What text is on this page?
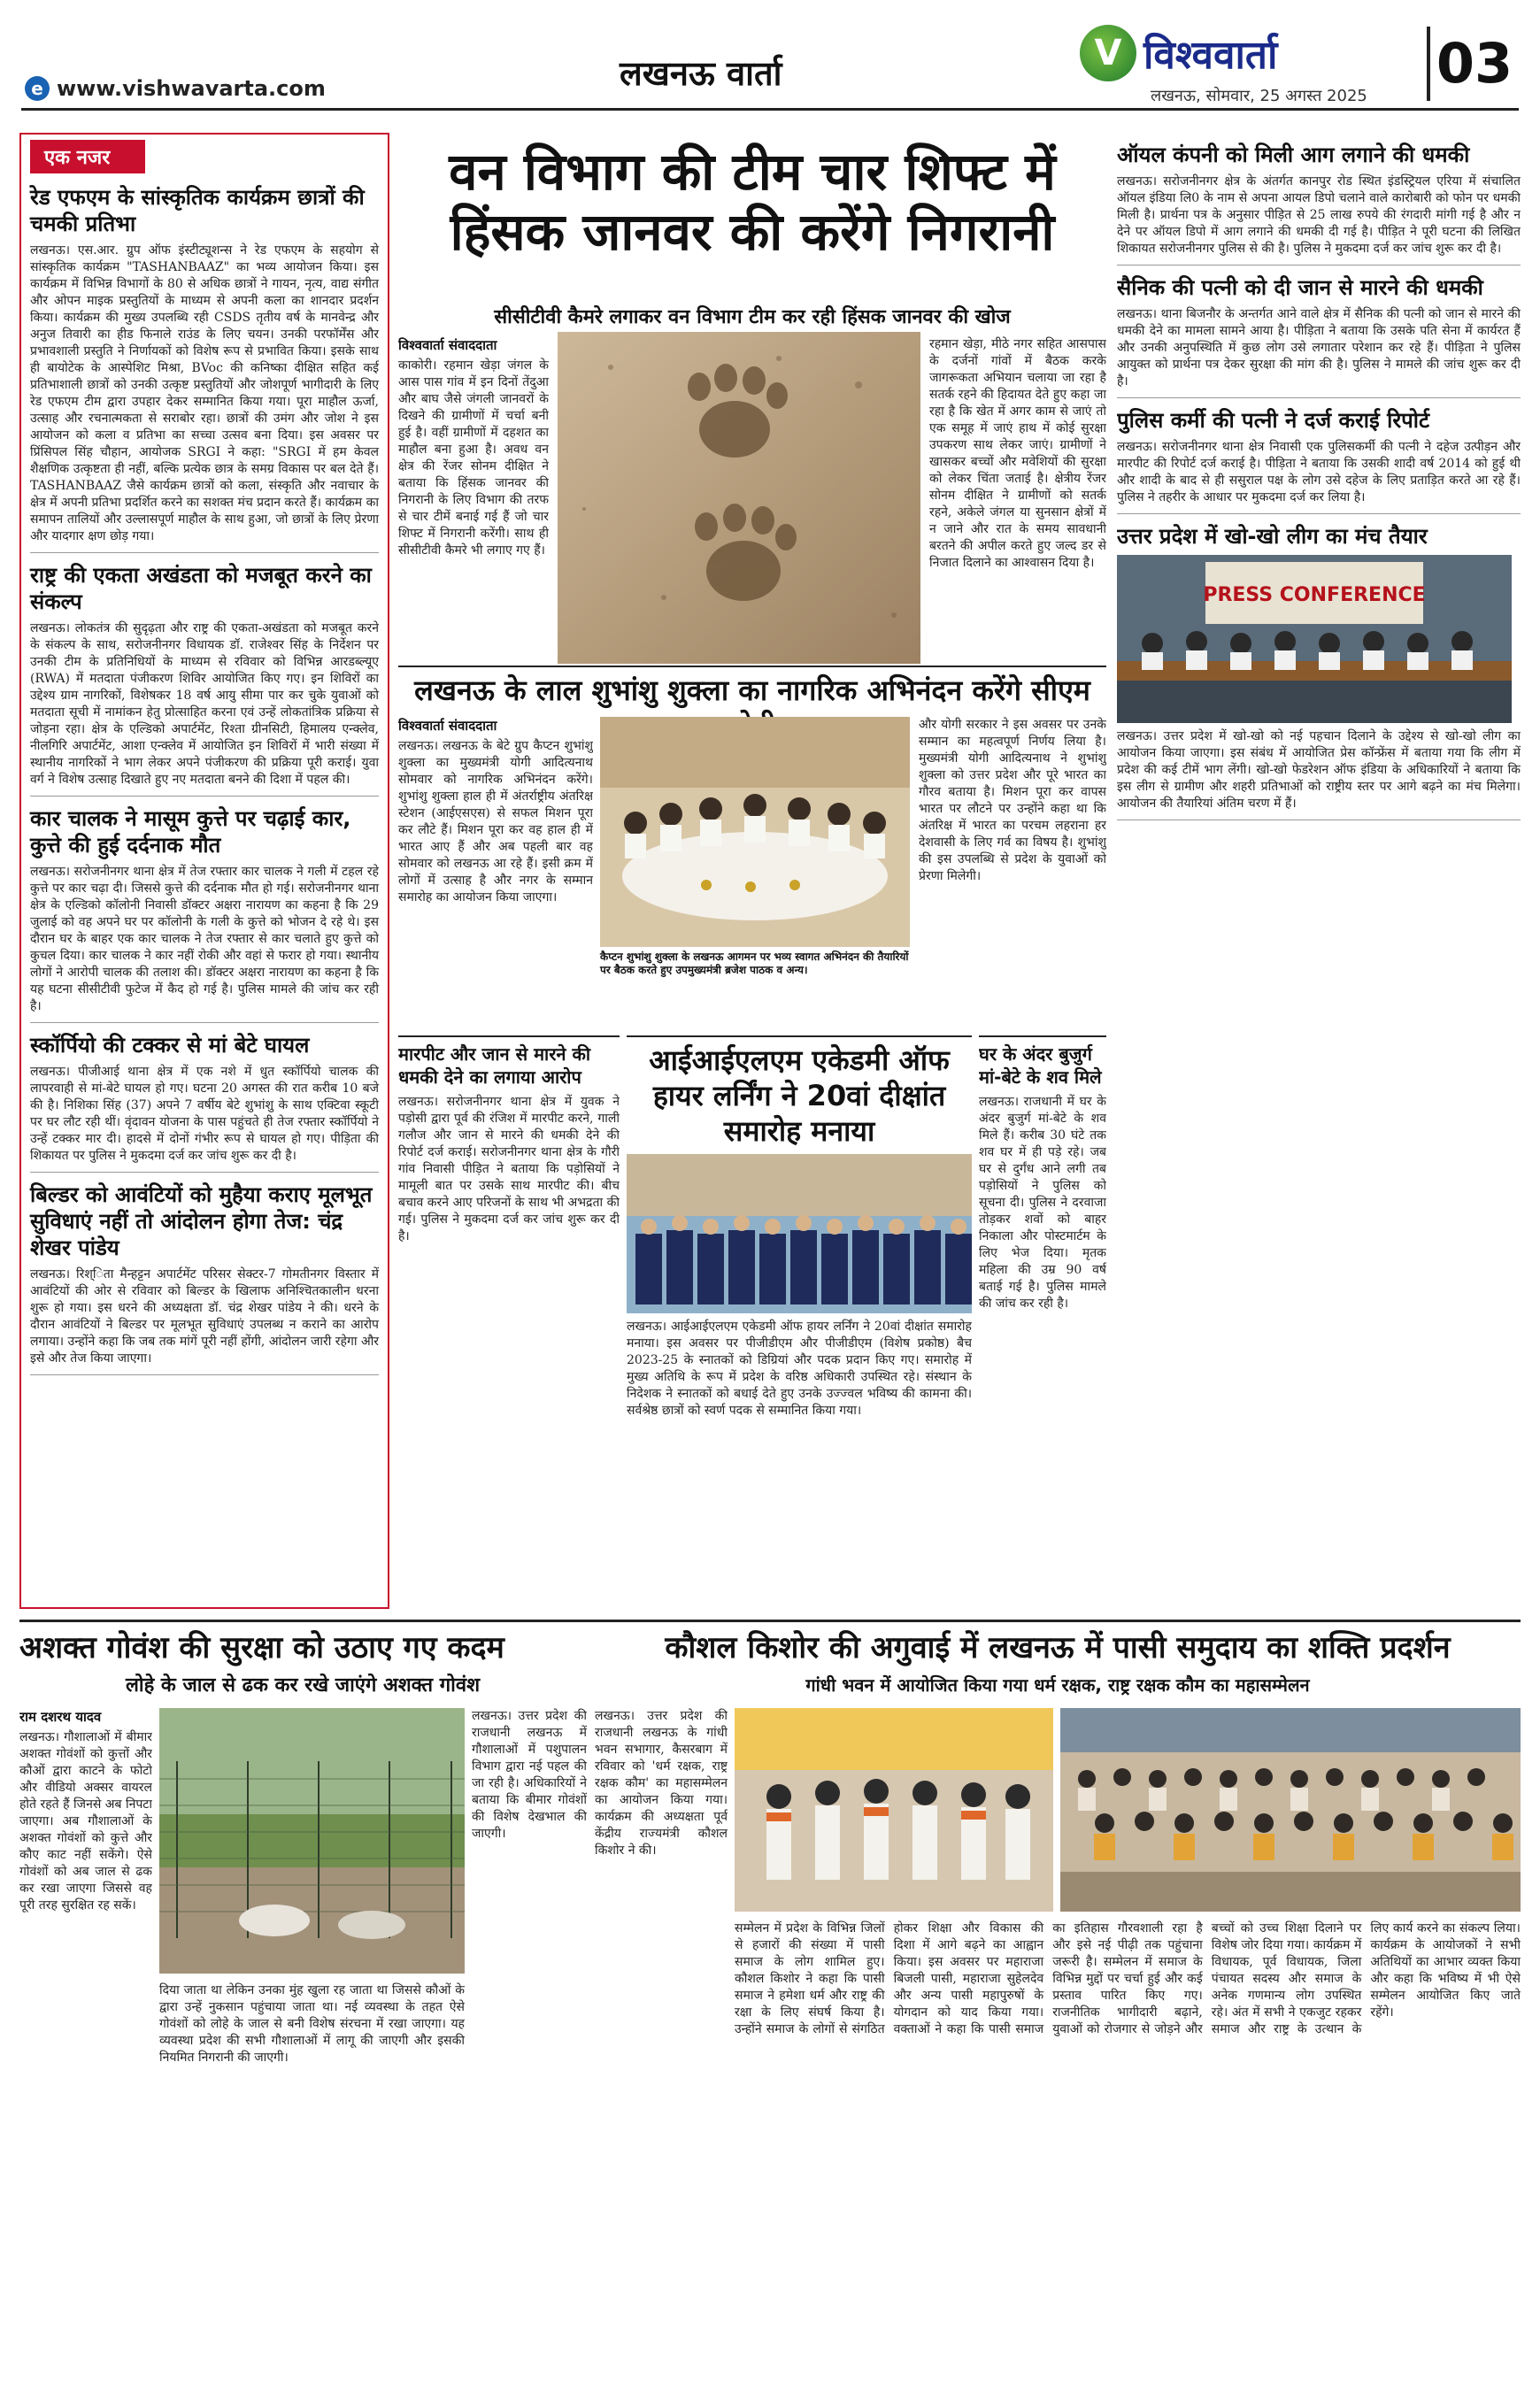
e www.vishwavarta.com	लखनऊ वार्ता	V विश्ववार्ता
लखनऊ, सोमवार, 25 अगस्त 2025
03
एक नजर
रेड एफएम के सांस्कृतिक कार्यक्रम छात्रों की चमकी प्रतिभा

लखनऊ। एस.आर. ग्रुप ऑफ इंस्टीट्यूशन्स ने रेड एफएम के सहयोग से सांस्कृतिक कार्यक्रम "TASHANBAAZ" का भव्य आयोजन किया। इस कार्यक्रम में विभिन्न विभागों के 80 से अधिक छात्रों ने गायन, नृत्य, वाद्य संगीत और ओपन माइक प्रस्तुतियों के माध्यम से अपनी कला का शानदार प्रदर्शन किया। कार्यक्रम की मुख्य उपलब्धि रही CSDS तृतीय वर्ष के मानवेन्द्र और अनुज तिवारी का हीड फिनाले राउंड के लिए चयन। उनकी परफॉर्मेंस और प्रभावशाली प्रस्तुति ने निर्णायकों को विशेष रूप से प्रभावित किया। इसके साथ ही बायोटेक के आस्पेशिट मिश्रा, BVoc की कनिष्का दीक्षित सहित कई प्रतिभाशाली छात्रों को उनकी उत्कृष्ट प्रस्तुतियों और जोशपूर्ण भागीदारी के लिए रेड एफएम टीम द्वारा उपहार देकर सम्मानित किया गया। पूरा माहौल ऊर्जा, उत्साह और रचनात्मकता से सराबोर रहा। छात्रों की उमंग और जोश ने इस आयोजन को कला व प्रतिभा का सच्चा उत्सव बना दिया। इस अवसर पर प्रिंसिपल सिंह चौहान, आयोजक SRGI ने कहा: "SRGI में हम केवल शैक्षणिक उत्कृष्टता ही नहीं, बल्कि प्रत्येक छात्र के समग्र विकास पर बल देते हैं। TASHANBAAZ जैसे कार्यक्रम छात्रों को कला, संस्कृति और नवाचार के क्षेत्र में अपनी प्रतिभा प्रदर्शित करने का सशक्त मंच प्रदान करते हैं। कार्यक्रम का समापन तालियों और उल्लासपूर्ण माहौल के साथ हुआ, जो छात्रों के लिए प्रेरणा और यादगार क्षण छोड़ गया।

राष्ट्र की एकता अखंडता को मजबूत करने का संकल्प

लखनऊ। लोकतंत्र की सुदृढ़ता और राष्ट्र की एकता-अखंडता को मजबूत करने के संकल्प के साथ, सरोजनीनगर विधायक डॉ. राजेश्वर सिंह के निर्देशन पर उनकी टीम के प्रतिनिधियों के माध्यम से रविवार को विभिन्न आरडब्ल्यूए (RWA) में मतदाता पंजीकरण शिविर आयोजित किए गए। इन शिविरों का उद्देश्य ग्राम नागरिकों, विशेषकर 18 वर्ष आयु सीमा पार कर चुके युवाओं को मतदाता सूची में नामांकन हेतु प्रोत्साहित करना एवं उन्हें लोकतांत्रिक प्रक्रिया से जोड़ना रहा। क्षेत्र के एल्डिको अपार्टमेंट, रिश्ता ग्रीनसिटी, हिमालय एन्क्लेव, नीलगिरि अपार्टमेंट, आशा एन्क्लेव में आयोजित इन शिविरों में भारी संख्या में स्थानीय नागरिकों ने भाग लेकर अपने पंजीकरण की प्रक्रिया पूरी कराई। युवा वर्ग ने विशेष उत्साह दिखाते हुए नए मतदाता बनने की दिशा में पहल की।

कार चालक ने मासूम कुत्ते पर चढ़ाई कार, कुत्ते की हुई दर्दनाक मौत

लखनऊ। सरोजनीनगर थाना क्षेत्र में तेज रफ्तार कार चालक ने गली में टहल रहे कुत्ते पर कार चढ़ा दी। जिससे कुत्ते की दर्दनाक मौत हो गई। सरोजनीनगर थाना क्षेत्र के एल्डिको कॉलोनी निवासी डॉक्टर अक्षरा नारायण का कहना है कि 29 जुलाई को वह अपने घर पर कॉलोनी के गली के कुत्ते को भोजन दे रहे थे। इस दौरान घर के बाहर एक कार चालक ने तेज रफ्तार से कार चलाते हुए कुत्ते को कुचल दिया। कार चालक ने कार नहीं रोकी और वहां से फरार हो गया। स्थानीय लोगों ने आरोपी चालक की तलाश की। डॉक्टर अक्षरा नारायण का कहना है कि यह घटना सीसीटीवी फुटेज में कैद हो गई है। पुलिस मामले की जांच कर रही है।

स्कॉर्पियो की टक्कर से मां बेटे घायल

लखनऊ। पीजीआई थाना क्षेत्र में एक नशे में धुत स्कॉर्पियो चालक की लापरवाही से मां-बेटे घायल हो गए। घटना 20 अगस्त की रात करीब 10 बजे की है। निशिका सिंह (37) अपने 7 वर्षीय बेटे शुभांशु के साथ एक्टिवा स्कूटी पर घर लौट रही थीं। वृंदावन योजना के पास पहुंचते ही तेज रफ्तार स्कॉर्पियो ने उन्हें टक्कर मार दी। हादसे में दोनों गंभीर रूप से घायल हो गए। पीड़िता की शिकायत पर पुलिस ने मुकदमा दर्ज कर जांच शुरू कर दी है।

बिल्डर को आवंटियों को मुहैया कराए मूलभूत सुविधाएं नहीं तो आंदोलन होगा तेज: चंद्र शेखर पांडेय

लखनऊ। रिश्िता मैन्हट्टन अपार्टमेंट परिसर सेक्टर-7 गोमतीनगर विस्तार में आवंटियों की ओर से रविवार को बिल्डर के खिलाफ अनिश्चितकालीन धरना शुरू हो गया। इस धरने की अध्यक्षता डॉ. चंद्र शेखर पांडेय ने की। धरने के दौरान आवंटियों ने बिल्डर पर मूलभूत सुविधाएं उपलब्ध न कराने का आरोप लगाया। उन्होंने कहा कि जब तक मांगें पूरी नहीं होंगी, आंदोलन जारी रहेगा और इसे और तेज किया जाएगा।

वन विभाग की टीम चार शिफ्ट में हिंसक जानवर की करेंगे निगरानी
सीसीटीवी कैमरे लगाकर वन विभाग टीम कर रही हिंसक जानवर की खोज
विश्ववार्ता संवाददाता
काकोरी। रहमान खेड़ा जंगल के आस पास गांव में इन दिनों तेंदुआ और बाघ जैसे जंगली जानवरों के दिखने की ग्रामीणों में चर्चा बनी हुई है। वहीं ग्रामीणों में दहशत का माहौल बना हुआ है। अवध वन क्षेत्र की रेंजर सोनम दीक्षित ने बताया कि हिंसक जानवर की निगरानी के लिए विभाग की तरफ से चार टीमें बनाई गई हैं जो चार शिफ्ट में निगरानी करेंगी। साथ ही सीसीटीवी कैमरे भी लगाए गए हैं।
रहमान खेड़ा, मीठे नगर सहित आसपास के दर्जनों गांवों में बैठक करके जागरूकता अभियान चलाया जा रहा है सतर्क रहने की हिदायत देते हुए कहा जा रहा है कि खेत में अगर काम से जाएं तो एक समूह में जाएं हाथ में कोई सुरक्षा उपकरण साथ लेकर जाएं। ग्रामीणों ने खासकर बच्चों और मवेशियों की सुरक्षा को लेकर चिंता जताई है। क्षेत्रीय रेंजर सोनम दीक्षित ने ग्रामीणों को सतर्क रहने, अकेले जंगल या सुनसान क्षेत्रों में न जाने और रात के समय सावधानी बरतने की अपील करते हुए जल्द डर से निजात दिलाने का आश्वासन दिया है।
ऑयल कंपनी को मिली आग लगाने की धमकी
लखनऊ। सरोजनीनगर क्षेत्र के अंतर्गत कानपुर रोड स्थित इंडस्ट्रियल एरिया में संचालित ऑयल इंडिया लि0 के नाम से अपना आयल डिपो चलाने वाले कारोबारी को फोन पर धमकी मिली है। प्रार्थना पत्र के अनुसार पीड़ित से 25 लाख रुपये की रंगदारी मांगी गई है और न देने पर ऑयल डिपो में आग लगाने की धमकी दी गई है। पीड़ित ने पूरी घटना की लिखित शिकायत सरोजनीनगर पुलिस से की है। पुलिस ने मुकदमा दर्ज कर जांच शुरू कर दी है।
सैनिक की पत्नी को दी जान से मारने की धमकी
लखनऊ। थाना बिजनौर के अन्तर्गत आने वाले क्षेत्र में सैनिक की पत्नी को जान से मारने की धमकी देने का मामला सामने आया है। पीड़िता ने बताया कि उसके पति सेना में कार्यरत हैं और उनकी अनुपस्थिति में कुछ लोग उसे लगातार परेशान कर रहे हैं। पीड़िता ने पुलिस आयुक्त को प्रार्थना पत्र देकर सुरक्षा की मांग की है। पुलिस ने मामले की जांच शुरू कर दी है।
पुलिस कर्मी की पत्नी ने दर्ज कराई रिपोर्ट
लखनऊ। सरोजनीनगर थाना क्षेत्र निवासी एक पुलिसकर्मी की पत्नी ने दहेज उत्पीड़न और मारपीट की रिपोर्ट दर्ज कराई है। पीड़िता ने बताया कि उसकी शादी वर्ष 2014 को हुई थी और शादी के बाद से ही ससुराल पक्ष के लोग उसे दहेज के लिए प्रताड़ित करते आ रहे हैं। पुलिस ने तहरीर के आधार पर मुकदमा दर्ज कर लिया है।
उत्तर प्रदेश में खो-खो लीग का मंच तैयार
PRESS CONFERENCE
लखनऊ। उत्तर प्रदेश में खो-खो को नई पहचान दिलाने के उद्देश्य से खो-खो लीग का आयोजन किया जाएगा। इस संबंध में आयोजित प्रेस कॉन्फ्रेंस में बताया गया कि लीग में प्रदेश की कई टीमें भाग लेंगी। खो-खो फेडरेशन ऑफ इंडिया के अधिकारियों ने बताया कि इस लीग से ग्रामीण और शहरी प्रतिभाओं को राष्ट्रीय स्तर पर आगे बढ़ने का मंच मिलेगा। आयोजन की तैयारियां अंतिम चरण में हैं।
लखनऊ के लाल शुभांशु शुक्ला का नागरिक अभिनंदन करेंगे सीएम
विश्ववार्ता संवाददाता
लखनऊ। लखनऊ के बेटे ग्रुप कैप्टन शुभांशु शुक्ला का मुख्यमंत्री योगी आदित्यनाथ सोमवार को नागरिक अभिनंदन करेंगे। शुभांशु शुक्ला हाल ही में अंतर्राष्ट्रीय अंतरिक्ष स्टेशन (आईएसएस) से सफल मिशन पूरा कर लौटे हैं। मिशन पूरा कर वह हाल ही में भारत आए हैं और अब पहली बार वह सोमवार को लखनऊ आ रहे हैं। इसी क्रम में लोगों में उत्साह है और नगर के सम्मान समारोह का आयोजन किया जाएगा।
कैप्टन शुभांशु शुक्ला के लखनऊ आगमन पर भव्य स्वागत अभिनंदन की तैयारियों पर बैठक करते हुए उपमुख्यमंत्री ब्रजेश पाठक व अन्य।
और योगी सरकार ने इस अवसर पर उनके सम्मान का महत्वपूर्ण निर्णय लिया है। मुख्यमंत्री योगी आदित्यनाथ ने शुभांशु शुक्ला को उत्तर प्रदेश और पूरे भारत का गौरव बताया है। मिशन पूरा कर वापस भारत पर लौटने पर उन्होंने कहा था कि अंतरिक्ष में भारत का परचम लहराना हर देशवासी के लिए गर्व का विषय है। शुभांशु की इस उपलब्धि से प्रदेश के युवाओं को प्रेरणा मिलेगी।
मारपीट और जान से मारने की धमकी देने का लगाया आरोप
लखनऊ। सरोजनीनगर थाना क्षेत्र में युवक ने पड़ोसी द्वारा पूर्व की रंजिश में मारपीट करने, गाली गलौज और जान से मारने की धमकी देने की रिपोर्ट दर्ज कराई। सरोजनीनगर थाना क्षेत्र के गौरी गांव निवासी पीड़ित ने बताया कि पड़ोसियों ने मामूली बात पर उसके साथ मारपीट की। बीच बचाव करने आए परिजनों के साथ भी अभद्रता की गई। पुलिस ने मुकदमा दर्ज कर जांच शुरू कर दी है।
आईआईएलएम एकेडमी ऑफ हायर लर्निंग ने 20वां दीक्षांत समारोह मनाया
लखनऊ। आईआईएलएम एकेडमी ऑफ हायर लर्निंग ने 20वां दीक्षांत समारोह मनाया। इस अवसर पर पीजीडीएम और पीजीडीएम (विशेष प्रकोष्ठ) बैच 2023-25 के स्नातकों को डिग्रियां और पदक प्रदान किए गए। समारोह में मुख्य अतिथि के रूप में प्रदेश के वरिष्ठ अधिकारी उपस्थित रहे। संस्थान के निदेशक ने स्नातकों को बधाई देते हुए उनके उज्ज्वल भविष्य की कामना की। सर्वश्रेष्ठ छात्रों को स्वर्ण पदक से सम्मानित किया गया।
घर के अंदर बुजुर्ग मां-बेटे के शव मिले
लखनऊ। राजधानी में घर के अंदर बुजुर्ग मां-बेटे के शव मिले हैं। करीब 30 घंटे तक शव घर में ही पड़े रहे। जब घर से दुर्गंध आने लगी तब पड़ोसियों ने पुलिस को सूचना दी। पुलिस ने दरवाजा तोड़कर शवों को बाहर निकाला और पोस्टमार्टम के लिए भेज दिया। मृतक महिला की उम्र 90 वर्ष बताई गई है। पुलिस मामले की जांच कर रही है।
अशक्त गोवंश की सुरक्षा को उठाए गए कदम
लोहे के जाल से ढक कर रखे जाएंगे अशक्त गोवंश
राम दशरथ यादव
लखनऊ। गौशालाओं में बीमार अशक्त गोवंशों को कुत्तों और कौओं द्वारा काटने के फोटो और वीडियो अक्सर वायरल होते रहते हैं जिनसे अब निपटा जाएगा। अब गौशालाओं के अशक्त गोवंशों को कुत्ते और कौए काट नहीं सकेंगे। ऐसे गोवंशों को अब जाल से ढक कर रखा जाएगा जिससे वह पूरी तरह सुरक्षित रह सकें।
दिया जाता था लेकिन उनका मुंह खुला रह जाता था जिससे कौओं के द्वारा उन्हें नुकसान पहुंचाया जाता था। नई व्यवस्था के तहत ऐसे गोवंशों को लोहे के जाल से बनी विशेष संरचना में रखा जाएगा। यह व्यवस्था प्रदेश की सभी गौशालाओं में लागू की जाएगी और इसकी नियमित निगरानी की जाएगी।
लखनऊ। उत्तर प्रदेश की राजधानी लखनऊ में गौशालाओं में पशुपालन विभाग द्वारा नई पहल की जा रही है। अधिकारियों ने बताया कि बीमार गोवंशों की विशेष देखभाल की जाएगी।
कौशल किशोर की अगुवाई में लखनऊ में पासी समुदाय का शक्ति प्रदर्शन
गांधी भवन में आयोजित किया गया धर्म रक्षक, राष्ट्र रक्षक कौम का महासम्मेलन
लखनऊ। उत्तर प्रदेश की राजधानी लखनऊ के गांधी भवन सभागार, कैसरबाग में रविवार को 'धर्म रक्षक, राष्ट्र रक्षक कौम' का महासम्मेलन का आयोजन किया गया। कार्यक्रम की अध्यक्षता पूर्व केंद्रीय राज्यमंत्री कौशल किशोर ने की।
सम्मेलन में प्रदेश के विभिन्न जिलों से हजारों की संख्या में पासी समाज के लोग शामिल हुए। कौशल किशोर ने कहा कि पासी समाज ने हमेशा धर्म और राष्ट्र की रक्षा के लिए संघर्ष किया है। उन्होंने समाज के लोगों से संगठित होकर शिक्षा और विकास की दिशा में आगे बढ़ने का आह्वान किया। इस अवसर पर महाराजा बिजली पासी, महाराजा सुहेलदेव और अन्य पासी महापुरुषों के योगदान को याद किया गया। वक्ताओं ने कहा कि पासी समाज का इतिहास गौरवशाली रहा है और इसे नई पीढ़ी तक पहुंचाना जरूरी है। सम्मेलन में समाज के विभिन्न मुद्दों पर चर्चा हुई और कई प्रस्ताव पारित किए गए। राजनीतिक भागीदारी बढ़ाने, युवाओं को रोजगार से जोड़ने और बच्चों को उच्च शिक्षा दिलाने पर विशेष जोर दिया गया। कार्यक्रम में विधायक, पूर्व विधायक, जिला पंचायत सदस्य और समाज के अनेक गणमान्य लोग उपस्थित रहे। अंत में सभी ने एकजुट रहकर समाज और राष्ट्र के उत्थान के लिए कार्य करने का संकल्प लिया। कार्यक्रम के आयोजकों ने सभी अतिथियों का आभार व्यक्त किया और कहा कि भविष्य में भी ऐसे सम्मेलन आयोजित किए जाते रहेंगे।
